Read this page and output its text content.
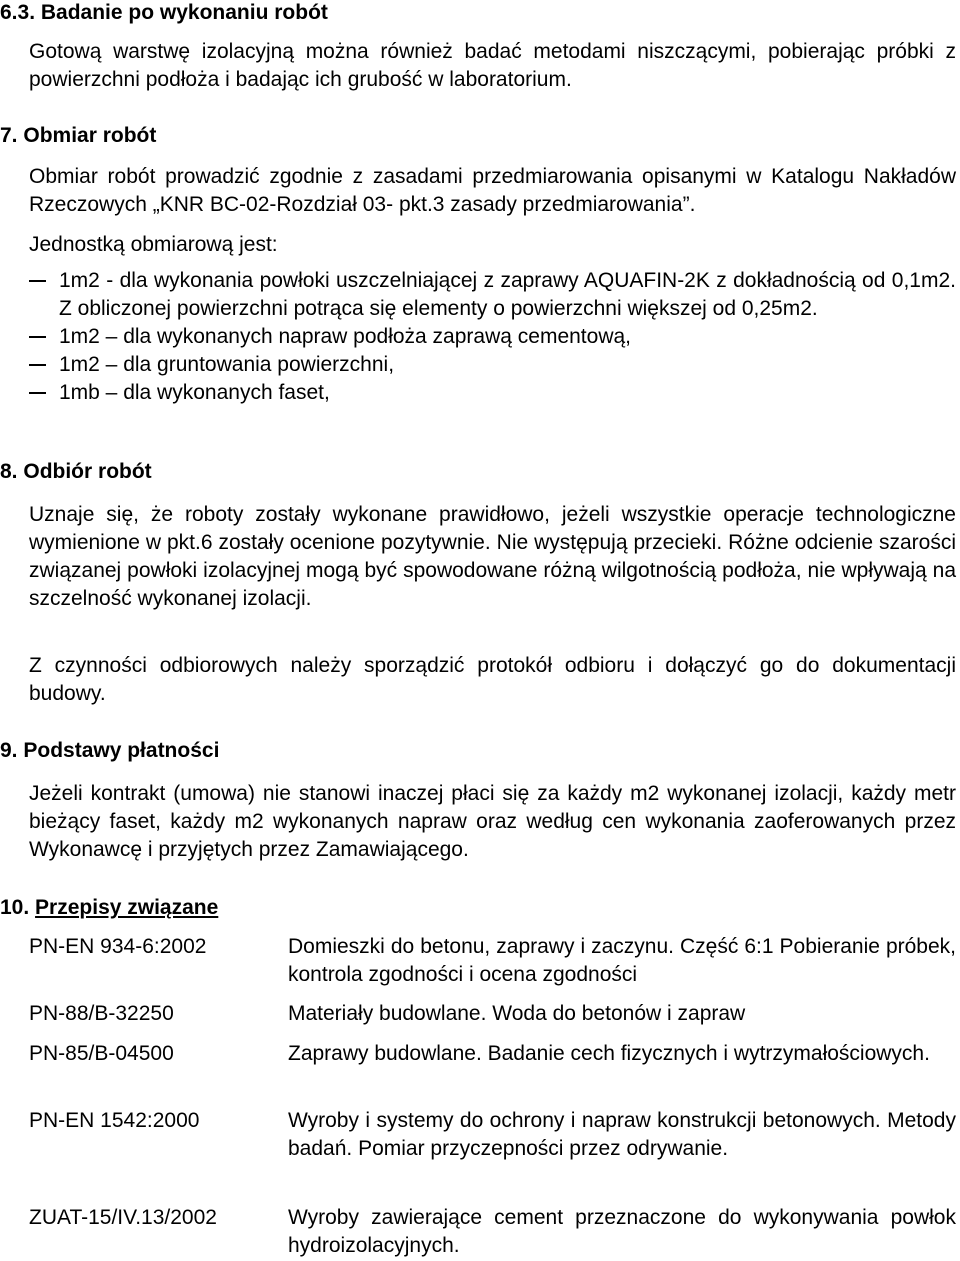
6.3. Badanie po wykonaniu robót

Gotową warstwę izolacyjną można również badać metodami niszczącymi, pobierając próbki z powierzchni podłoża i badając ich grubość w laboratorium.

7. Obmiar robót

Obmiar robót prowadzić zgodnie z zasadami przedmiarowania opisanymi w Katalogu Nakładów Rzeczowych „KNR BC-02-Rozdział 03- pkt.3 zasady przedmiarowania”.

Jednostką obmiarową jest:

1m2 - dla wykonania powłoki uszczelniającej z zaprawy AQUAFIN-2K z dokładnością od 0,1m2. Z obliczonej powierzchni potrąca się elementy o powierzchni większej od 0,25m2.
1m2 – dla wykonanych napraw podłoża zaprawą cementową,
1m2 – dla gruntowania powierzchni,
1mb – dla wykonanych faset,
8. Odbiór robót

Uznaje się, że roboty zostały wykonane prawidłowo, jeżeli wszystkie operacje technologiczne wymienione w pkt.6 zostały ocenione pozytywnie. Nie występują przecieki. Różne odcienie szarości związanej powłoki izolacyjnej mogą być spowodowane różną wilgotnością podłoża, nie wpływają na szczelność wykonanej izolacji.

Z czynności odbiorowych należy sporządzić protokół odbioru i dołączyć go do dokumentacji budowy.

9. Podstawy płatności

Jeżeli kontrakt (umowa) nie stanowi inaczej płaci się za każdy m2 wykonanej izolacji, każdy metr bieżący faset, każdy m2 wykonanych napraw oraz według cen wykonania zaoferowanych przez Wykonawcę i przyjętych przez Zamawiającego.

10. Przepisy związane

PN-EN 934-6:2002	Domieszki do betonu, zaprawy i zaczynu. Część 6:1 Pobieranie próbek, kontrola zgodności i ocena zgodności

PN-88/B-32250	Materiały budowlane. Woda do betonów i zapraw

PN-85/B-04500	Zaprawy budowlane. Badanie cech fizycznych i wytrzymałościowych.

PN-EN 1542:2000	Wyroby i systemy do ochrony i napraw konstrukcji betonowych. Metody badań. Pomiar przyczepności przez odrywanie.

ZUAT-15/IV.13/2002	Wyroby zawierające cement przeznaczone do wykonywania powłok hydroizolacyjnych.
